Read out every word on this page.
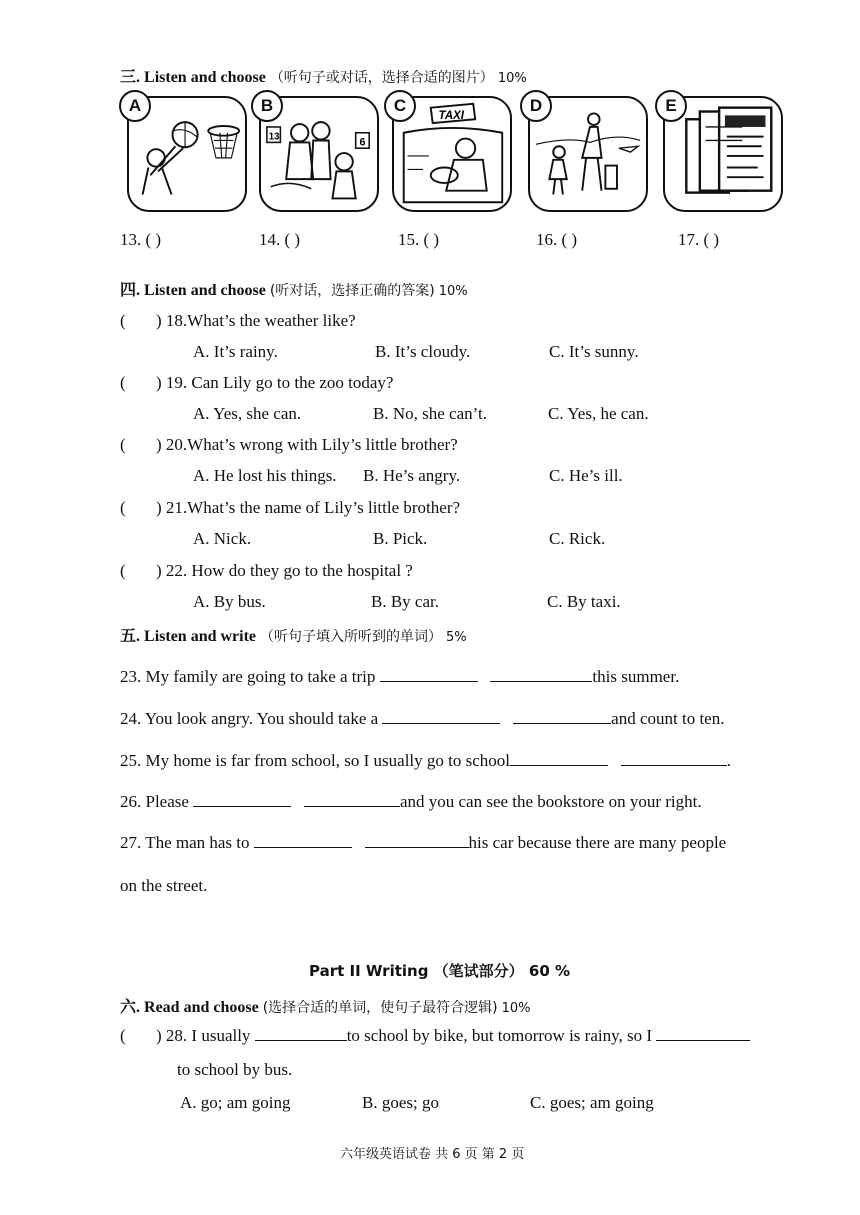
三. Listen and choose （听句子或对话，选择合适的图片） 10%
A	B
13	6
C
TAXI
D	E
13. ( )	14. ( )	15. ( )	16. ( )	17. ( )
四. Listen and choose (听对话，选择正确的答案) 10%
( ) 18.What’s the weather like?
A. It’s rainy.	B. It’s cloudy.	C. It’s sunny.
( ) 19. Can Lily go to the zoo today?
A. Yes, she can.	B. No, she can’t.	C. Yes, he can.
( ) 20.What’s wrong with Lily’s little brother?
A. He lost his things. B. He’s angry.	C. He’s ill.
( ) 21.What’s the name of Lily’s little brother?
A. Nick.	B. Pick.	C. Rick.
( ) 22. How do they go to the hospital ?
A. By bus.	B. By car.	C. By taxi.
五. Listen and write （听句子填入所听到的单词） 5%
23. My family are going to take a trip	this summer.
24. You look angry. You should take a	and count to ten.
25. My home is far from school, so I usually go to school	.
26. Please	and you can see the bookstore on your right.
27. The man has to	his car because there are many people
on the street.
Part II Writing （笔试部分） 60 %
六. Read and choose (选择合适的单词，使句子最符合逻辑) 10%
( ) 28. I usually	to school by bike, but tomorrow is rainy, so I
to school by bus.
A. go; am going	B. goes; go	C. goes; am going
六年级英语试卷 共 6 页 第 2 页
